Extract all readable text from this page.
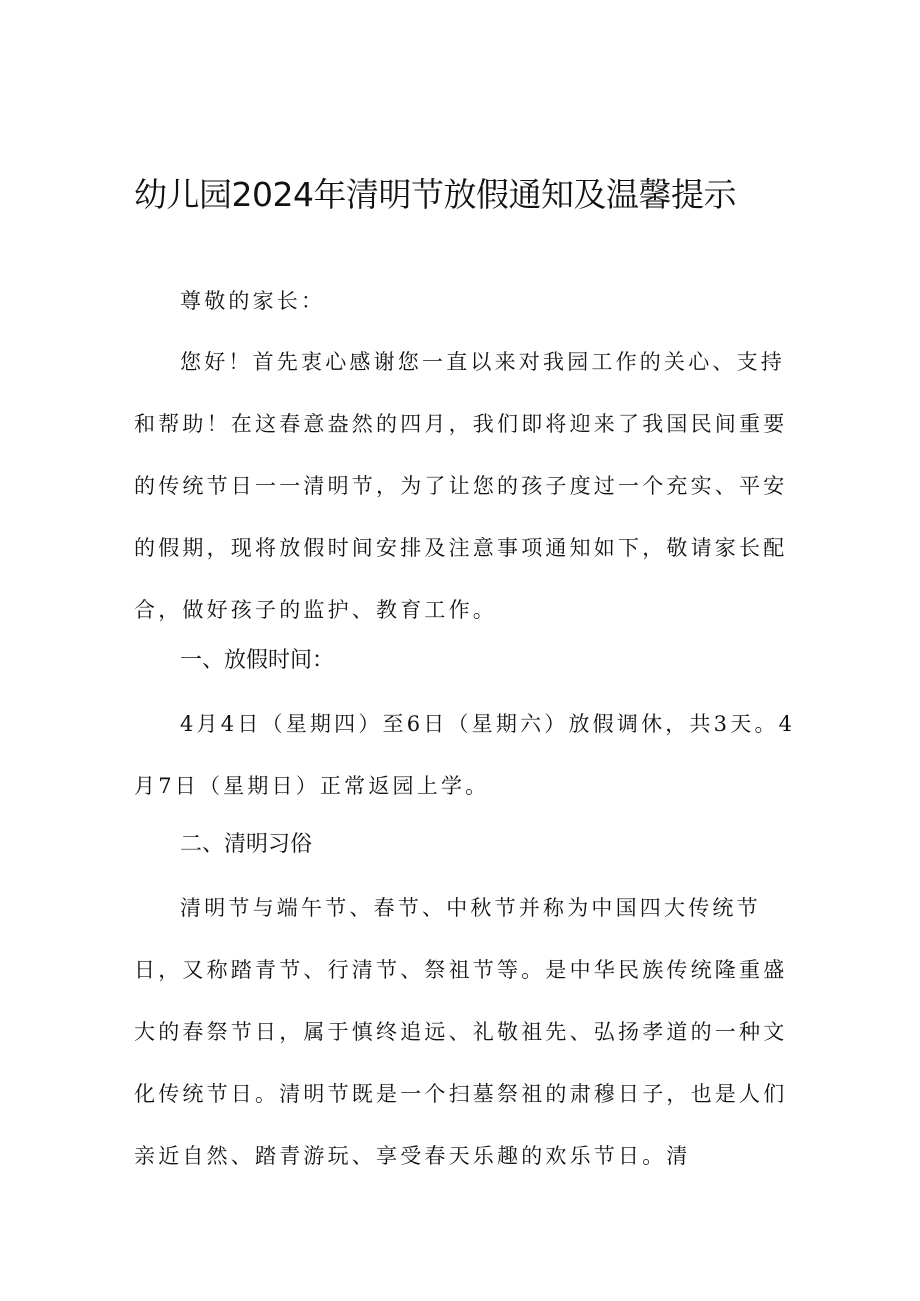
幼儿园2024年清明节放假通知及温馨提示

尊敬的家长：

您好！首先衷心感谢您一直以来对我园工作的关心、支持和帮助！在这春意盎然的四月，我们即将迎来了我国民间重要的传统节日一一清明节，为了让您的孩子度过一个充实、平安的假期，现将放假时间安排及注意事项通知如下，敬请家长配合，做好孩子的监护、教育工作。

一、放假时间：

4月4日（星期四）至6日（星期六）放假调休，共3天。4月7日（星期日）正常返园上学。

二、清明习俗

清明节与端午节、春节、中秋节并称为中国四大传统节日，又称踏青节、行清节、祭祖节等。是中华民族传统隆重盛大的春祭节日，属于慎终追远、礼敬祖先、弘扬孝道的一种文化传统节日。清明节既是一个扫墓祭祖的肃穆日子，也是人们亲近自然、踏青游玩、享受春天乐趣的欢乐节日。清
